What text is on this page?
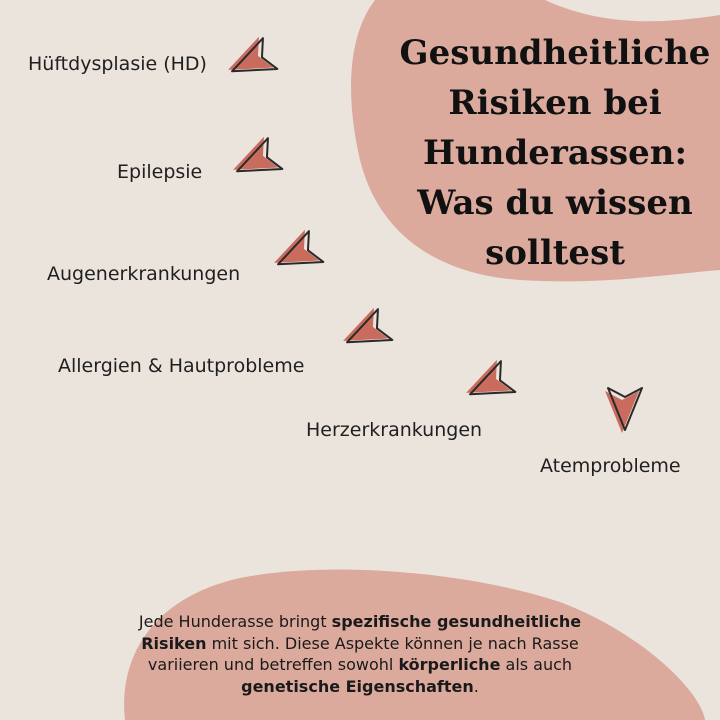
Gesundheitliche
Risiken bei
Hunderassen:
Was du wissen
solltest
Hüftdysplasie (HD)
Epilepsie
Augenerkrankungen
Allergien & Hautprobleme
Herzerkrankungen
Atemprobleme

Jede Hunderasse bringt spezifische gesundheitliche Risiken mit sich. Diese Aspekte können je nach Rasse variieren und betreffen sowohl körperliche als auch genetische Eigenschaften.
